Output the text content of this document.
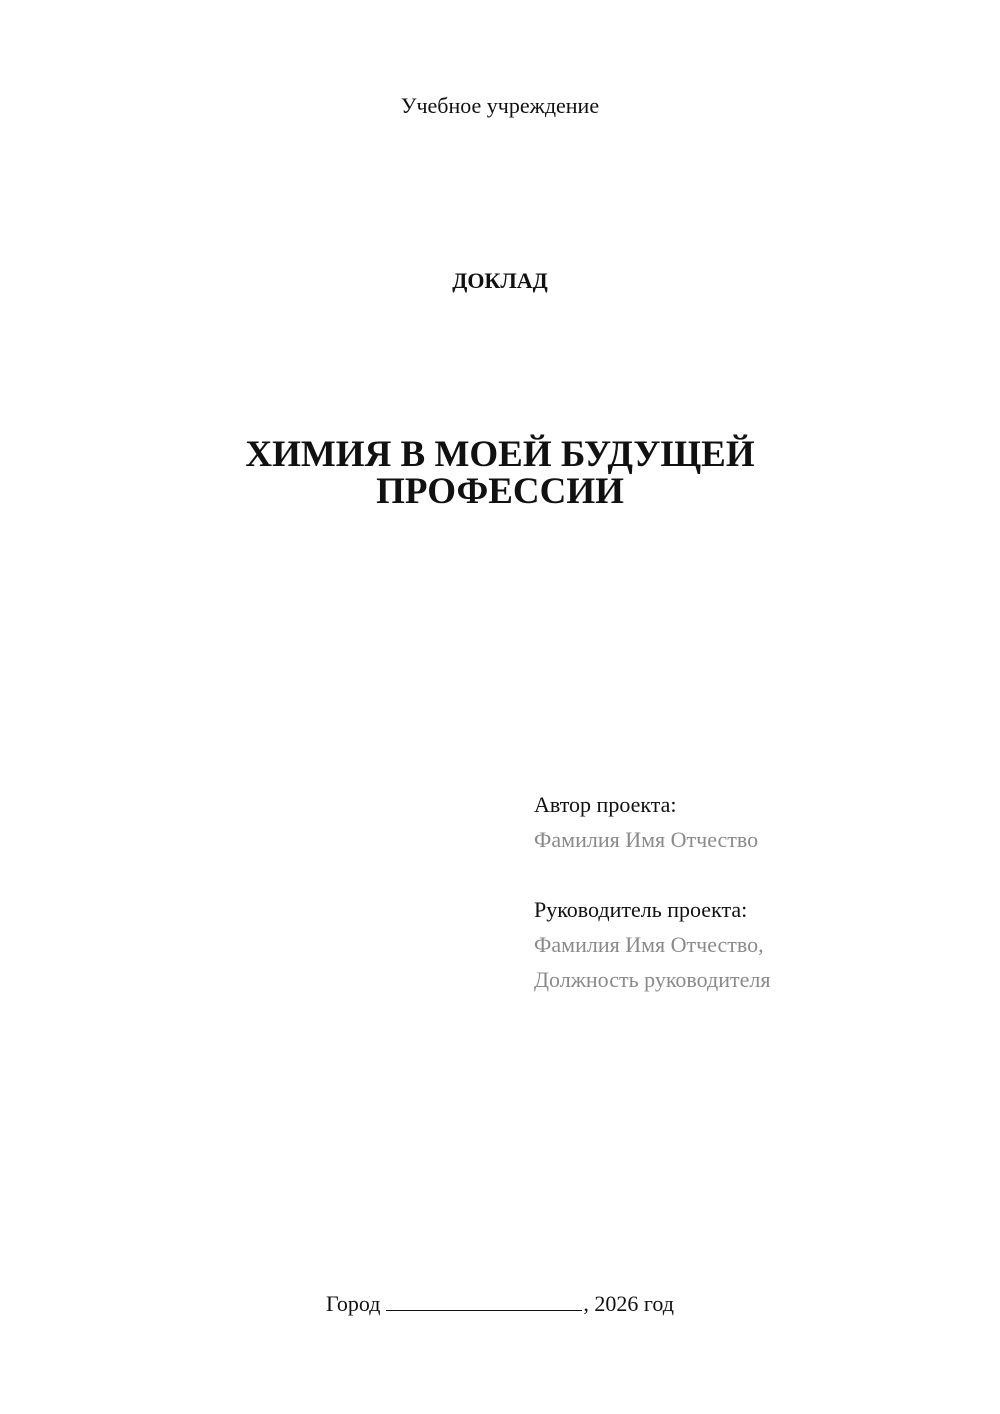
Учебное учреждение
ДОКЛАД
ХИМИЯ В МОЕЙ БУДУЩЕЙ
ПРОФЕССИИ
Автор проекта:
Фамилия Имя Отчество
Руководитель проекта:
Фамилия Имя Отчество,
Должность руководителя
Город	, 2026 год
